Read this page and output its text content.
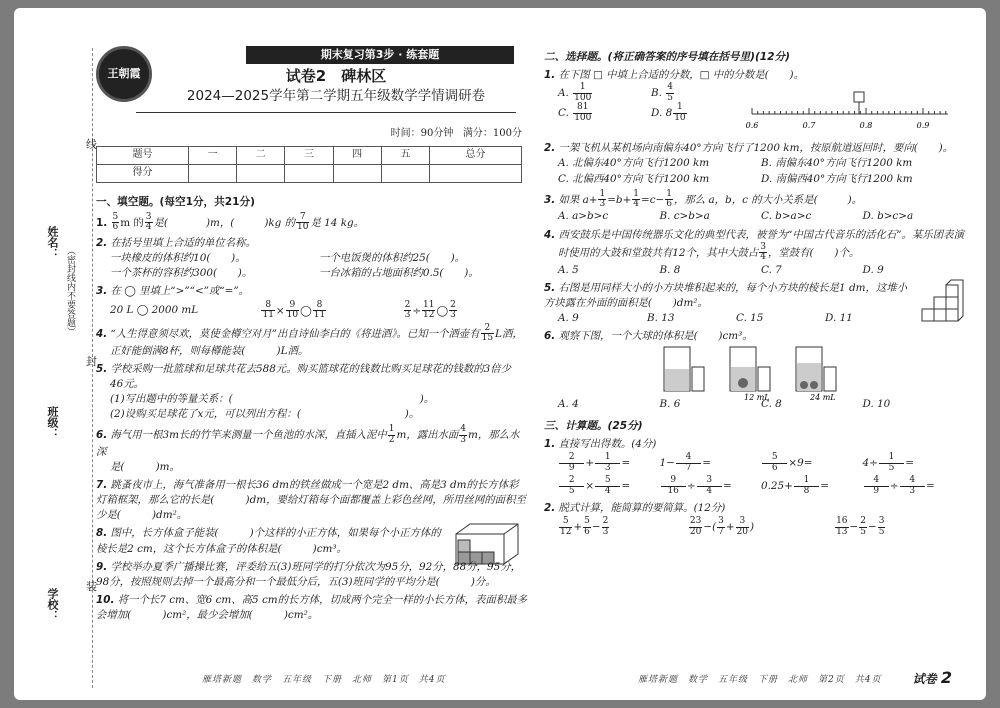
姓名：
班级：
学校：
（密封线内不要答题）
线
封
装
王朝霞
期末复习第3步 · 练套题
试卷2　碑林区
2024—2025学年第二学期五年级数学学情调研卷
时间：90分钟 满分：100分
题号	一	二	三	四	五	总分
得分						
一、填空题。(每空1分，共21分)
1. $\frac{5}{6}$ m 的 $\frac{3}{4}$ 是(	)m，(	)kg 的 $\frac{7}{10}$ 是 14 kg。
2. 在括号里填上合适的单位名称。
一块橡皮的体积约10(　　)。	一个电饭煲的体积约25(　　)。
一个茶杯的容积约300(　　)。	一台冰箱的占地面积约0.5(　　)。
3. 在 ◯ 里填上“>”“<”或“=”。
20 L ◯ 2000 mL	$\frac{8}{11} \times \frac{9}{10}$ ◯ $\frac{8}{11}$	$\frac{2}{3} \div \frac{11}{12}$ ◯ $\frac{2}{3}$
4. “人生得意须尽欢，莫使金樽空对月”出自诗仙李白的《将进酒》。已知一个酒壶有 $\frac{2}{15}$ L酒，
正好能倒满8杯，则每樽能装(　　　)L酒。
5. 学校采购一批篮球和足球共花去588元。购买篮球花的钱数比购买足球花的钱数的3倍少
46元。
(1)写出题中的等量关系：(　　　　　　　　　　　　　　　　　　)。
(2)设购买足球花了x元，可以列出方程：(　　　　　　　　　　)。
6. 海气用一根3m长的竹竿来测量一个鱼池的水深，直插入泥中 $\frac{1}{2}$ m，露出水面 $\frac{4}{3}$ m，那么水深
是(　　　)m。
7. 跳蚤夜市上，海气准备用一根长36 dm的铁丝做成一个宽是2 dm、高是3 dm的长方体彩灯箱框架，那么它的长是(　　　)dm，要给灯箱每个面都覆盖上彩色丝网，所用丝网的面积至少是(　　　)dm²。
8. 图中，长方体盒子能装(　　　)个这样的小正方体，如果每个小正方体的棱长是2 cm，这个长方体盒子的体积是(　　　)cm³。
9. 学校举办夏季广播操比赛，评委给五(3)班同学的打分依次为95分，92分，88分，95分，98分，按照规则去掉一个最高分和一个最低分后，五(3)班同学的平均分是(　　　)分。
10. 将一个长7 cm、宽6 cm、高5 cm的长方体，切成两个完全一样的小长方体，表面积最多会增加(　　　)cm²，最少会增加(　　　)cm²。
雁塔新题　数学　五年级　下册　北师　第1页　共4页
二、选择题。(将正确答案的序号填在括号里)(12分)
1. 在下图 □ 中填上合适的分数，□ 中的分数是(　　)。
A. $\frac{1}{100}$	B. $\frac{4}{5}$
C. $\frac{81}{100}$	D. $8 \frac{1}{10}$
0.6	0.7	0.8	0.9
2. 一架飞机从某机场向南偏东40°方向飞行了1200 km，按原航道返回时，要向(　　)。
A. 北偏东40°方向飞行1200 km	B. 南偏东40°方向飞行1200 km
C. 北偏西40°方向飞行1200 km	D. 南偏西40°方向飞行1200 km
3. 如果 $a+ \frac{1}{3} =b+ \frac{1}{4} =c- \frac{1}{6}$ ，那么 a，b，c 的大小关系是(	)。
A. a>b>c	B. c>b>a	C. b>a>c	D. b>c>a
4. 西安鼓乐是中国传统器乐文化的典型代表，被誉为“中国古代音乐的活化石”。某乐团表演
时使用的大鼓和堂鼓共有12个，其中大鼓占 $\frac{3}{4}$ ，堂鼓有(　　)个。
A. 5	B. 8	C. 7	D. 9
5. 右图是用同样大小的小方块堆积起来的，每个小方块的棱长是1 dm，这堆小方块露在外面的面积是(　　)dm²。
A. 9	B. 13	C. 15	D. 11
6. 观察下图，一个大球的体积是(　　)cm³。
12 mL	24 mL
A. 4	B. 6	C. 8	D. 10
三、计算题。(25分)
1. 直接写出得数。(4分)
$\frac{2}{9} + \frac{1}{3}$ =	$1- \frac{4}{7}$ =	$\frac{5}{6} \times 9=$	$4\div \frac{1}{5}$ =
$\frac{2}{5} \times \frac{5}{4}$ =	$\frac{9}{16} \div \frac{3}{4}$ =	$0.25+ \frac{1}{8}$ =	$\frac{4}{9} \div \frac{4}{3}$ =
2. 脱式计算，能简算的要简算。(12分)
$\frac{5}{12} + \frac{5}{6} - \frac{2}{3}$	$\frac{23}{20}$ −( $\frac{3}{7} + \frac{3}{20}$ )	$\frac{16}{13} - \frac{2}{5} - \frac{3}{5}$
雁塔新题　数学　五年级　下册　北师　第2页　共4页	试卷 2
